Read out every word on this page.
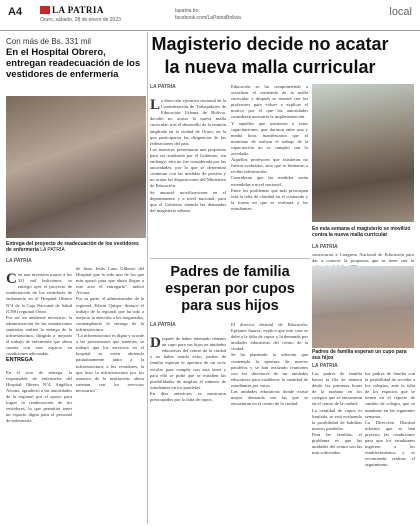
A4	LA PATRIA
Oruro, sábado, 28 de enero de 2023
lapatria.bo
facebook.com/LaPatriaBolivia	local
Con más de Bs. 331 mil
En el Hospital Obrero, entregan readecuación de los vestidores de enfermería
Entrega del proyecto de readecuación de los vestidores de enfermería LA PATRIA
LA PATRIA

Con una inversión mayor a los 331 mil bolivianos, se entregó ayer el proyecto de readecuación de los vestidores de enfermería en el Hospital Obrero N°4 de la Caja Nacional de Salud (CNS) regional Oruro.
Por ser un ambiente necesario, la administración de las instalaciones sanitarias realizó la entrega de la infraestructura, dirigida a mejorar el trabajo de enfermería que ahora cuenta con este espacio en condiciones adecuadas.

ENTREGA

En el acto de entrega, la responsable de enfermería del Hospital Obrero N°4, Angélica Alconz, agradeció a las autoridades de la regional por el apoyo para lograr la readecuación de los vestidores, lo que permitirá tener un espacio digno para el personal de enfermería.

de Justo Jesús Cano Gilberto del Hospital que lo sido uno de los que más apoyó para que ahora llegue a este acto el entregarlo", indicó Alconz.
Por su parte, el administrador de la regional, Edwin Quispe, destacó el trabajo de la regional que ha sido a mejorar la atención a los asegurados, contemplando la entrega de la infraestructura.
"La infraestructura es digna y acorde a las pretensiones que tenemos, se trabajó que los servicios en el hospital se estén abriendo paulatinamente junto a la infraestructura, a los vestidores, la que hizo la infraestructura por los usuarios de la institución, ahora cuentan con los servicios necesarios".
Magisterio decide no acatar la nueva malla curricular
LA PATRIA

La dirección ejecutiva nacional de la Confederación de Trabajadores de Educación Urbana de Bolivia, decidió no acatar la nueva malla curricular, tras el desarrollo de la reunión ampliada en la ciudad de Oruro, en la que participaron las dirigencias de las federaciones del país.
Los maestros presentaron una propuesta para ser analizada por el Gobierno, sin embargo, esta no fue considerada por las autoridades, por lo que se determinó continuar con las medidas de presión y no acatar las disposiciones del Ministerio de Educación.
Se anunció movilizaciones en el departamento y a nivel nacional, para que el Gobierno atienda las demandas del magisterio urbano.

Educación se ha comprometido a socializar el contenido de la malla curricular y después se reunirá con los profesores para volver a explicar el motivo por el que las autoridades consideran necesaria la implementación.
Y aquellos que asistieron a estos capacitaciones, que duraron entre una y media hora, manifestaron que al momento de realizar el trabajo de la capacitación no se cumplió con lo acordado.
Aquellos profesores que asistieron no fueron evaluados, sino que se limitaron a recibir información.
Consideran que las medidas serán extendidas a nivel nacional.
Entre los problemas que más preocupan está la falta de claridad en el contenido y la forma en que se evaluará a los estudiantes.
En esta semana el magisterio se movilizó contra la nueva malla curricular
LA PATRIA
convocaron a Congreso Nacional de Educación para dar a conocer la propuesta que se tiene con la

Padres de familia esperan por cupos para sus hijos
LA PATRIA

Después de haber intentado obtener un cupo para sus hijos en unidades educativas del centro de la ciudad y no haber tenido éxito, padres de familia esperan la apertura de un ciclo escolar para cumplir con esta tarea y para ello se pidió que se estudien las posibilidades de ampliar el número de estudiantes en los paralelos.
En días anteriores se mostraron preocupados por la falta de cupos.

El director distrital de Educación, Epifanio Suarez, explicó que este caso se debe a la falta de cupos y la demanda por unidades educativas del centro de la ciudad.
Se ha planteado la solución que contempla la apertura de nuevos paralelos y se han realizado reuniones con los directores de las unidades educativas para establecer la cantidad de estudiantes por curso.
Las unidades educativas donde existe mayor demanda son las que se encuentran en el centro de la ciudad.
Padres de familia esperan un cupo para sus hijos
LA PATRIA
Los padres de familia hacen la fila de manera desde las primeras horas de la mañana en los colegios que se encuentran en el centro de la ciudad.
La cantidad de cupos es limitada, se está evaluando la posibilidad de habilitar nuevos paralelos.
Para las familias, el problema es que las unidades del centro son las más solicitadas.
los padres de familia con la posibilidad de acceder a los colegios, ante la falta de los espacios que se tienen en el reporte de cambio de colegio, que se mantiene en las siguientes semanas.
La Dirección Distrital informó que se han previsto las condiciones para que los estudiantes ingresen a los establecimientos y se recomienda realizar el seguimiento.
